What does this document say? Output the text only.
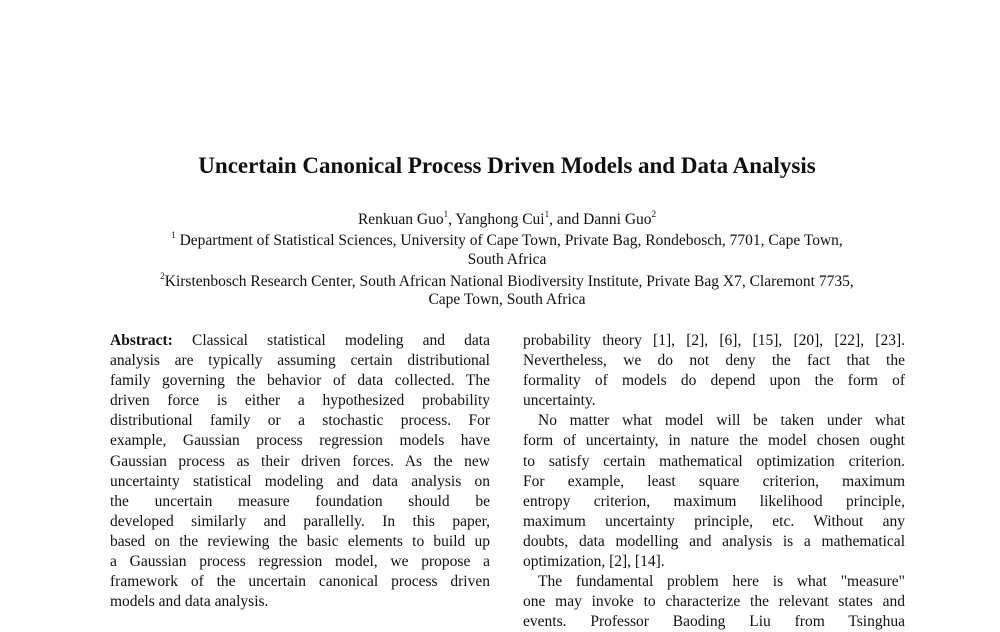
Uncertain Canonical Process Driven Models and Data Analysis
Renkuan Guo$^1$, Yanghong Cui$^1$, and Danni Guo$^2$
$^1$ Department of Statistical Sciences, University of Cape Town, Private Bag, Rondebosch, 7701, Cape Town,
South Africa
$^2$Kirstenbosch Research Center, South African National Biodiversity Institute, Private Bag X7, Claremont 7735,
Cape Town, South Africa
Abstract: Classical statistical modeling and data
analysis are typically assuming certain distributional
family governing the behavior of data collected. The
driven force is either a hypothesized probability
distributional family or a stochastic process. For
example, Gaussian process regression models have
Gaussian process as their driven forces. As the new
uncertainty statistical modeling and data analysis on
the uncertain measure foundation should be
developed similarly and parallelly. In this paper,
based on the reviewing the basic elements to build up
a Gaussian process regression model, we propose a
framework of the uncertain canonical process driven
models and data analysis.
probability theory [1], [2], [6], [15], [20], [22], [23].
Nevertheless, we do not deny the fact that the
formality of models do depend upon the form of
uncertainty.
No matter what model will be taken under what
form of uncertainty, in nature the model chosen ought
to satisfy certain mathematical optimization criterion.
For example, least square criterion, maximum
entropy criterion, maximum likelihood principle,
maximum uncertainty principle, etc. Without any
doubts, data modelling and analysis is a mathematical
optimization, [2], [14].
The fundamental problem here is what "measure"
one may invoke to characterize the relevant states and
events. Professor Baoding Liu from Tsinghua
